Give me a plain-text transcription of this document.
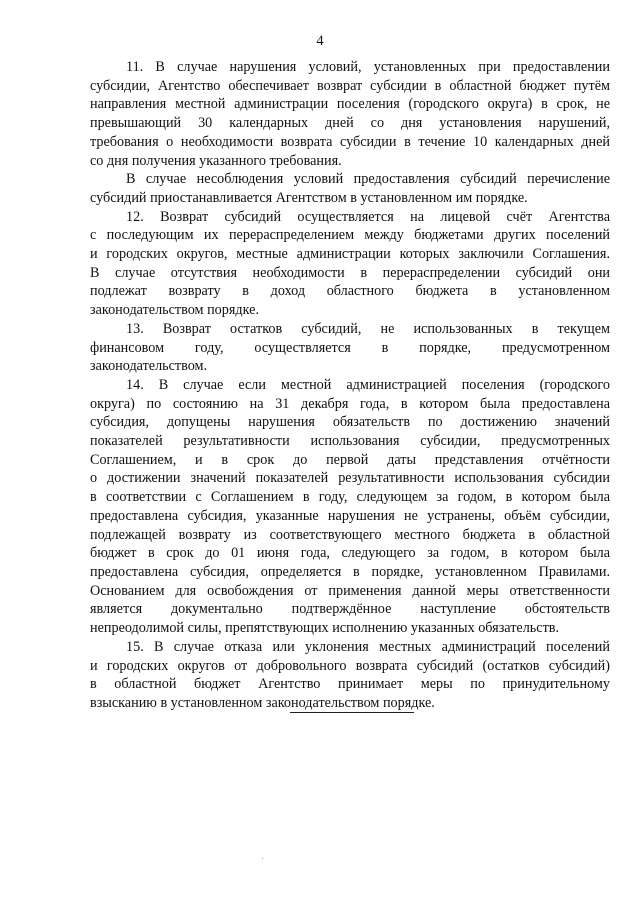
4

11. В случае нарушения условий, установленных при предоставлении
субсидии, Агентство обеспечивает возврат субсидии в областной бюджет путём
направления местной администрации поселения (городского округа) в срок, не
превышающий 30 календарных дней со дня установления нарушений,
требования о необходимости возврата субсидии в течение 10 календарных дней
со дня получения указанного требования.

В случае несоблюдения условий предоставления субсидий перечисление
субсидий приостанавливается Агентством в установленном им порядке.

12. Возврат субсидий осуществляется на лицевой счёт Агентства
с последующим их перераспределением между бюджетами других поселений
и городских округов, местные администрации которых заключили Соглашения.
В случае отсутствия необходимости в перераспределении субсидий они
подлежат возврату в доход областного бюджета в установленном
законодательством порядке.

13. Возврат остатков субсидий, не использованных в текущем
финансовом году, осуществляется в порядке, предусмотренном
законодательством.

14. В случае если местной администрацией поселения (городского
округа) по состоянию на 31 декабря года, в котором была предоставлена
субсидия, допущены нарушения обязательств по достижению значений
показателей результативности использования субсидии, предусмотренных
Соглашением, и в срок до первой даты представления отчётности
о достижении значений показателей результативности использования субсидии
в соответствии с Соглашением в году, следующем за годом, в котором была
предоставлена субсидия, указанные нарушения не устранены, объём субсидии,
подлежащей возврату из соответствующего местного бюджета в областной
бюджет в срок до 01 июня года, следующего за годом, в котором была
предоставлена субсидия, определяется в порядке, установленном Правилами.
Основанием для освобождения от применения данной меры ответственности
является документально подтверждённое наступление обстоятельств
непреодолимой силы, препятствующих исполнению указанных обязательств.

15. В случае отказа или уклонения местных администраций поселений
и городских округов от добровольного возврата субсидий (остатков субсидий)
в областной бюджет Агентство принимает меры по принудительному
взысканию в установленном законодательством порядке.
